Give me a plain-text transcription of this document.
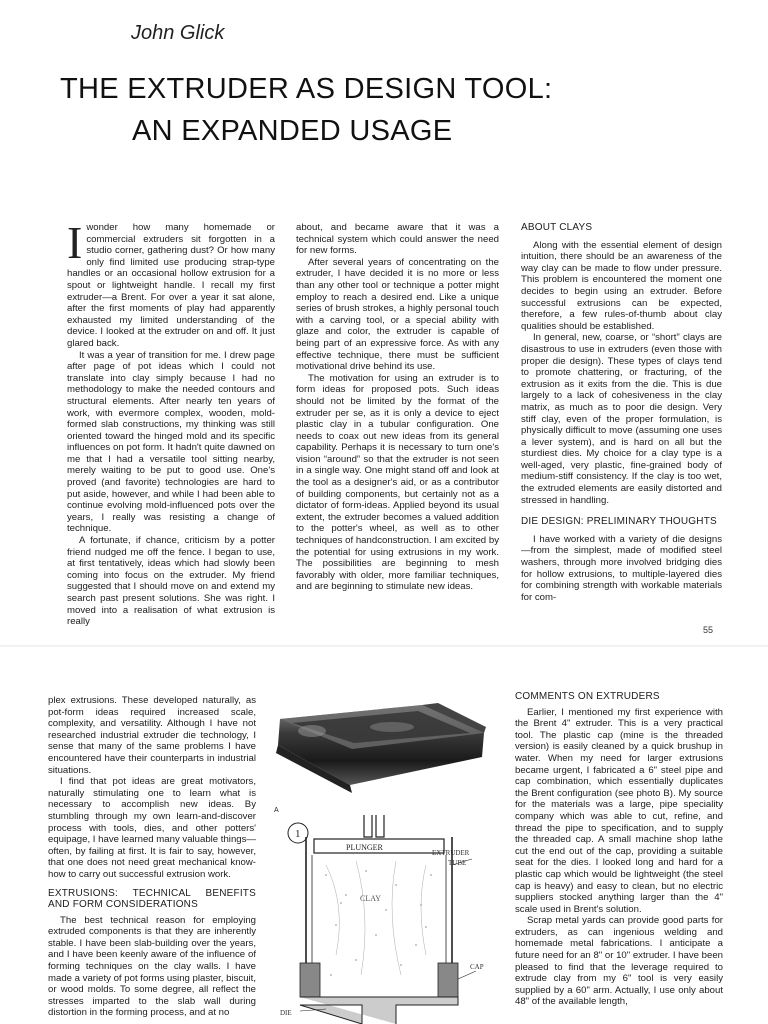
John Glick
THE EXTRUDER AS DESIGN TOOL:
AN EXPANDED USAGE

Iwonder how many homemade or commercial extruders sit forgotten in a studio corner, gathering dust? Or how many only find limited use producing strap-type handles or an occasional hollow extrusion for a spout or lightweight handle. I recall my first extruder—a Brent. For over a year it sat alone, after the first moments of play had apparently exhausted my limited understanding of the device. I looked at the extruder on and off. It just glared back.

It was a year of transition for me. I drew page after page of pot ideas which I could not translate into clay simply because I had no methodology to make the needed contours and structural elements. After nearly ten years of work, with evermore complex, wooden, mold-formed slab constructions, my thinking was still oriented toward the hinged mold and its specific influences on pot form. It hadn't quite dawned on me that I had a versatile tool sitting nearby, merely waiting to be put to good use. One's proved (and favorite) technologies are hard to put aside, however, and while I had been able to continue evolving mold-influenced pots over the years, I really was resisting a change of technique.

A fortunate, if chance, criticism by a potter friend nudged me off the fence. I began to use, at first tentatively, ideas which had slowly been coming into focus on the extruder. My friend suggested that I should move on and extend my search past present solutions. She was right. I moved into a realisation of what extrusion is really

about, and became aware that it was a technical system which could answer the need for new forms.

After several years of concentrating on the extruder, I have decided it is no more or less than any other tool or technique a potter might employ to reach a desired end. Like a unique series of brush strokes, a highly personal touch with a carving tool, or a special ability with glaze and color, the extruder is capable of being part of an expressive force. As with any effective technique, there must be sufficient motivational drive behind its use.

The motivation for using an extruder is to form ideas for proposed pots. Such ideas should not be limited by the format of the extruder per se, as it is only a device to eject plastic clay in a tubular configuration. One needs to coax out new ideas from its general capability. Perhaps it is necessary to turn one's vision “around” so that the extruder is not seen in a single way. One might stand off and look at the tool as a designer's aid, or as a contributor of building components, but certainly not as a dictator of form-ideas. Applied beyond its usual extent, the extruder becomes a valued addition to the potter's wheel, as well as to other techniques of handconstruction. I am excited by the potential for using extrusions in my work. The possibilities are beginning to mesh favorably with older, more familiar techniques, and are beginning to stimulate new ideas.

ABOUT CLAYS

Along with the essential element of design intuition, there should be an awareness of the way clay can be made to flow under pressure. This problem is encountered the moment one decides to begin using an extruder. Before successful extrusions can be expected, therefore, a few rules-of-thumb about clay qualities should be established.

In general, new, coarse, or “short” clays are disastrous to use in extruders (even those with proper die design). These types of clays tend to promote chattering, or fracturing, of the extrusion as it exits from the die. This is due largely to a lack of cohesiveness in the clay matrix, as much as to poor die design. Very stiff clay, even of the proper formulation, is physically difficult to move (assuming one uses a lever system), and is hard on all but the sturdiest dies. My choice for a clay type is a well-aged, very plastic, fine-grained body of medium-stiff consistency. If the clay is too wet, the extruded elements are easily distorted and stressed in handling.

DIE DESIGN: PRELIMINARY THOUGHTS

I have worked with a variety of die designs—from the simplest, made of modified steel washers, through more involved bridging dies for hollow extrusions, to multiple-layered dies for combining strength with workable materials for com-

55

plex extrusions. These developed naturally, as pot-form ideas required increased scale, complexity, and versatility. Although I have not researched industrial extruder die technology, I sense that many of the same problems I have encountered have their counterparts in industrial situations.

I find that pot ideas are great motivators, naturally stimulating one to learn what is necessary to accomplish new ideas. By stumbling through my own learn-and-discover process with tools, dies, and other potters' equipage, I have learned many valuable things—often, by failing at first. It is fair to say, however, that one does not need great mechanical know-how to carry out successful extrusion work.

EXTRUSIONS: TECHNICAL BENEFITS AND FORM CONSIDERATIONS

The best technical reason for employing extruded components is that they are inherently stable. I have been slab-building over the years, and I have been keenly aware of the influence of forming techniques on the clay walls. I have made a variety of pot forms using plaster, biscuit, or wood molds. To some degree, all reflect the stresses imparted to the slab wall during distortion in the forming process, and at no

A
1
PLUNGER
CLAY
EXTRUDER
TUBE
CAP
DIE
COMMENTS ON EXTRUDERS

Earlier, I mentioned my first experience with the Brent 4" extruder. This is a very practical tool. The plastic cap (mine is the threaded version) is easily cleaned by a quick brushup in water. When my need for larger extrusions became urgent, I fabricated a 6" steel pipe and cap combination, which essentially duplicates the Brent configuration (see photo B). My source for the materials was a large, pipe speciality company which was able to cut, refine, and thread the pipe to specification, and to supply the threaded cap. A small machine shop lathe cut the end out of the cap, providing a suitable seat for the dies. I looked long and hard for a plastic cap which would be lightweight (the steel cap is heavy) and easy to clean, but no electric suppliers stocked anything larger than the 4" scale used in Brent's solution.

Scrap metal yards can provide good parts for extruders, as can ingenious welding and homemade metal fabrications. I anticipate a future need for an 8" or 10" extruder. I have been pleased to find that the leverage required to extrude clay from my 6" tool is very easily supplied by a 60" arm. Actually, I use only about 48" of the available length,
